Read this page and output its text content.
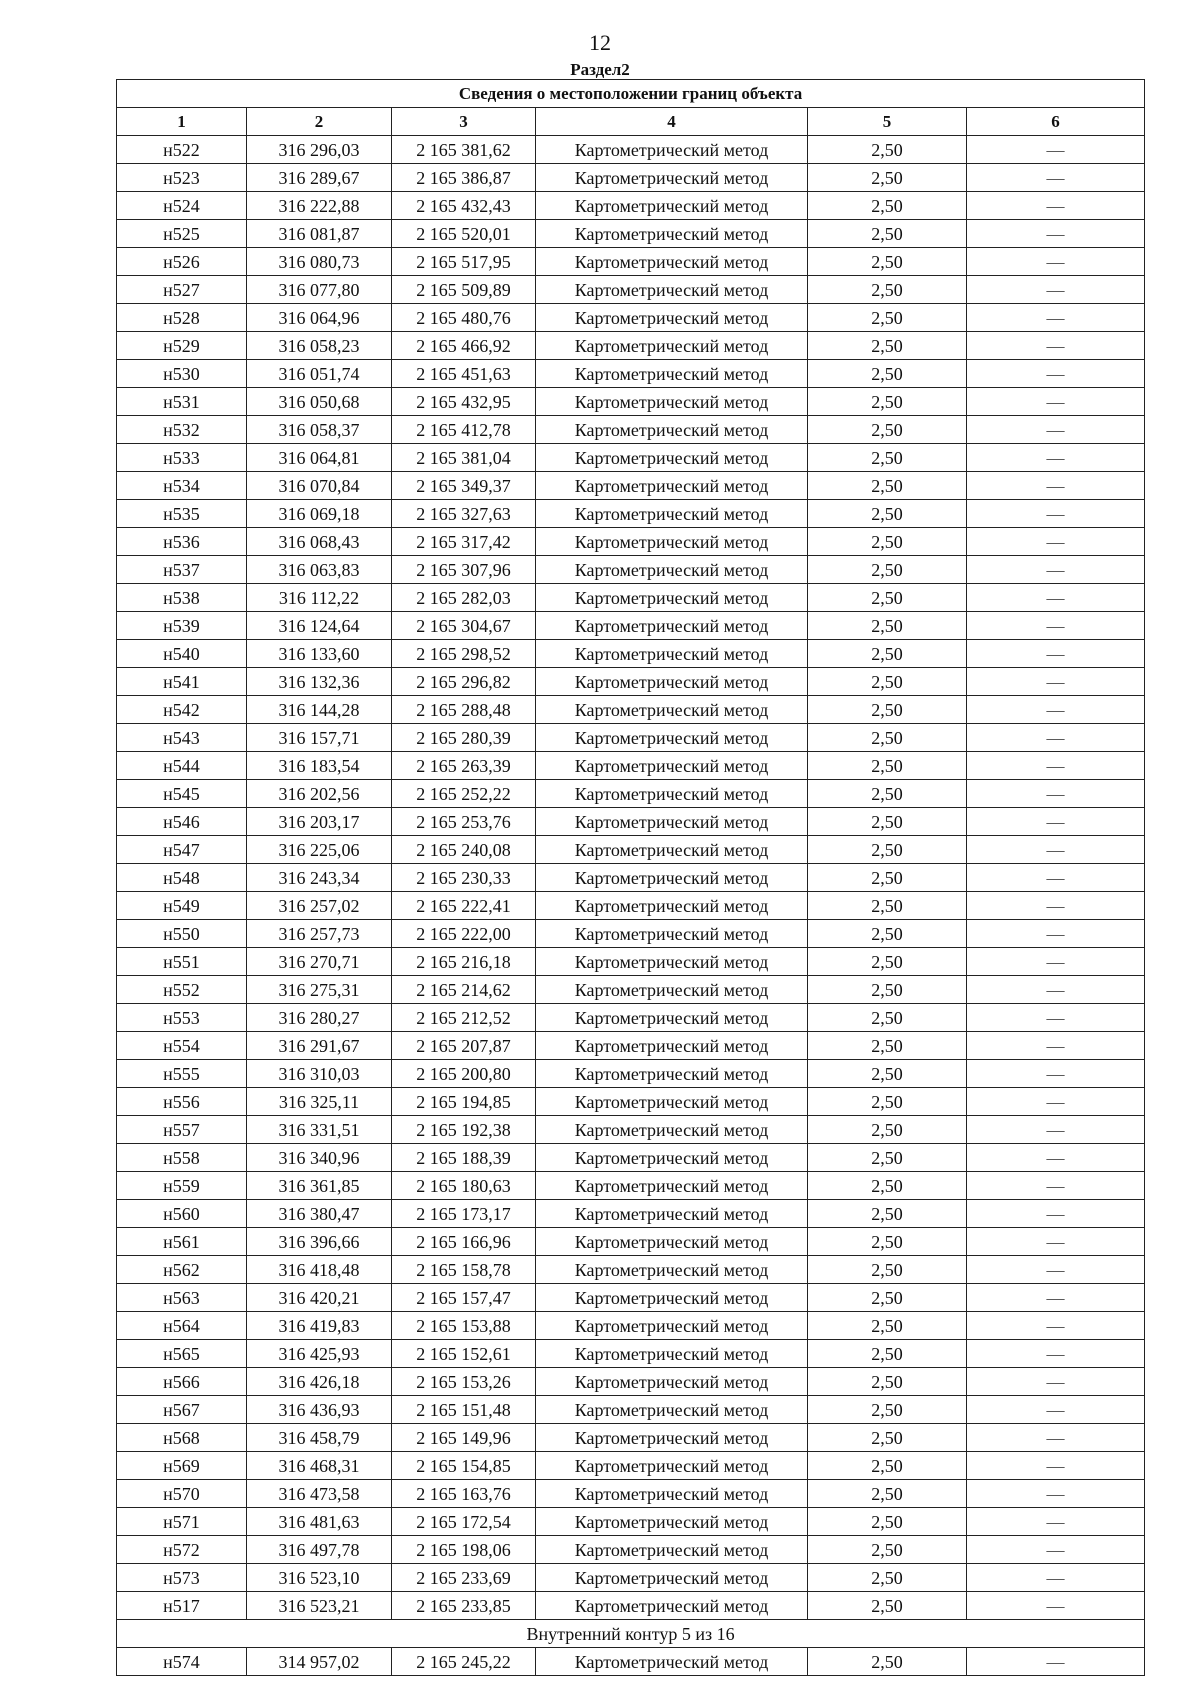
12
Раздел2
Сведения о местоположении границ объекта					
1	2	3	4	5	6
н522	316 296,03	2 165 381,62	Картометрический метод	2,50	—
н523	316 289,67	2 165 386,87	Картометрический метод	2,50	—
н524	316 222,88	2 165 432,43	Картометрический метод	2,50	—
н525	316 081,87	2 165 520,01	Картометрический метод	2,50	—
н526	316 080,73	2 165 517,95	Картометрический метод	2,50	—
н527	316 077,80	2 165 509,89	Картометрический метод	2,50	—
н528	316 064,96	2 165 480,76	Картометрический метод	2,50	—
н529	316 058,23	2 165 466,92	Картометрический метод	2,50	—
н530	316 051,74	2 165 451,63	Картометрический метод	2,50	—
н531	316 050,68	2 165 432,95	Картометрический метод	2,50	—
н532	316 058,37	2 165 412,78	Картометрический метод	2,50	—
н533	316 064,81	2 165 381,04	Картометрический метод	2,50	—
н534	316 070,84	2 165 349,37	Картометрический метод	2,50	—
н535	316 069,18	2 165 327,63	Картометрический метод	2,50	—
н536	316 068,43	2 165 317,42	Картометрический метод	2,50	—
н537	316 063,83	2 165 307,96	Картометрический метод	2,50	—
н538	316 112,22	2 165 282,03	Картометрический метод	2,50	—
н539	316 124,64	2 165 304,67	Картометрический метод	2,50	—
н540	316 133,60	2 165 298,52	Картометрический метод	2,50	—
н541	316 132,36	2 165 296,82	Картометрический метод	2,50	—
н542	316 144,28	2 165 288,48	Картометрический метод	2,50	—
н543	316 157,71	2 165 280,39	Картометрический метод	2,50	—
н544	316 183,54	2 165 263,39	Картометрический метод	2,50	—
н545	316 202,56	2 165 252,22	Картометрический метод	2,50	—
н546	316 203,17	2 165 253,76	Картометрический метод	2,50	—
н547	316 225,06	2 165 240,08	Картометрический метод	2,50	—
н548	316 243,34	2 165 230,33	Картометрический метод	2,50	—
н549	316 257,02	2 165 222,41	Картометрический метод	2,50	—
н550	316 257,73	2 165 222,00	Картометрический метод	2,50	—
н551	316 270,71	2 165 216,18	Картометрический метод	2,50	—
н552	316 275,31	2 165 214,62	Картометрический метод	2,50	—
н553	316 280,27	2 165 212,52	Картометрический метод	2,50	—
н554	316 291,67	2 165 207,87	Картометрический метод	2,50	—
н555	316 310,03	2 165 200,80	Картометрический метод	2,50	—
н556	316 325,11	2 165 194,85	Картометрический метод	2,50	—
н557	316 331,51	2 165 192,38	Картометрический метод	2,50	—
н558	316 340,96	2 165 188,39	Картометрический метод	2,50	—
н559	316 361,85	2 165 180,63	Картометрический метод	2,50	—
н560	316 380,47	2 165 173,17	Картометрический метод	2,50	—
н561	316 396,66	2 165 166,96	Картометрический метод	2,50	—
н562	316 418,48	2 165 158,78	Картометрический метод	2,50	—
н563	316 420,21	2 165 157,47	Картометрический метод	2,50	—
н564	316 419,83	2 165 153,88	Картометрический метод	2,50	—
н565	316 425,93	2 165 152,61	Картометрический метод	2,50	—
н566	316 426,18	2 165 153,26	Картометрический метод	2,50	—
н567	316 436,93	2 165 151,48	Картометрический метод	2,50	—
н568	316 458,79	2 165 149,96	Картометрический метод	2,50	—
н569	316 468,31	2 165 154,85	Картометрический метод	2,50	—
н570	316 473,58	2 165 163,76	Картометрический метод	2,50	—
н571	316 481,63	2 165 172,54	Картометрический метод	2,50	—
н572	316 497,78	2 165 198,06	Картометрический метод	2,50	—
н573	316 523,10	2 165 233,69	Картометрический метод	2,50	—
н517	316 523,21	2 165 233,85	Картометрический метод	2,50	—
Внутренний контур 5 из 16					
н574	314 957,02	2 165 245,22	Картометрический метод	2,50	—
